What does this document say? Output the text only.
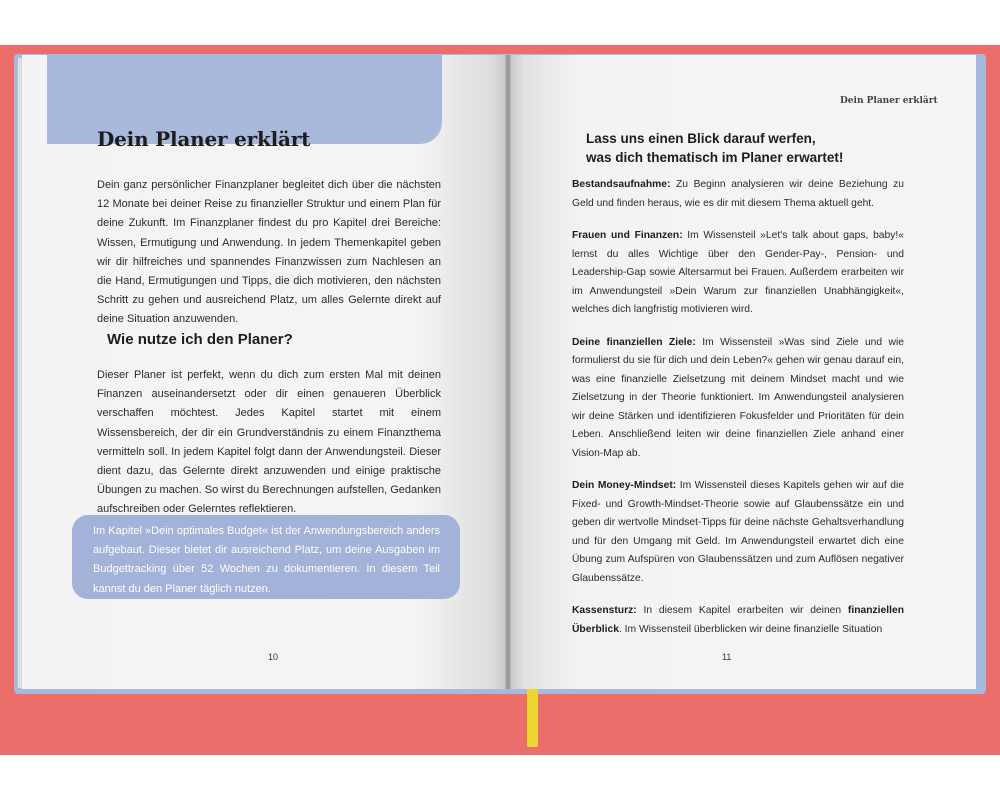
Dein Planer erklärt

Dein ganz persönlicher Finanzplaner begleitet dich über die nächsten 12 Monate bei deiner Reise zu finanzieller Struktur und einem Plan für deine Zukunft. Im Finanzplaner findest du pro Kapitel drei Bereiche: Wissen, Ermutigung und Anwendung. In jedem Themenkapitel geben wir dir hilfreiches und spannendes Finanzwissen zum Nachlesen an die Hand, Ermutigungen und Tipps, die dich motivieren, den nächsten Schritt zu gehen und ausreichend Platz, um alles Gelernte direkt auf deine Situation anzuwenden.

Wie nutze ich den Planer?

Dieser Planer ist perfekt, wenn du dich zum ersten Mal mit deinen Finanzen auseinandersetzt oder dir einen genaueren Überblick verschaffen möchtest. Jedes Kapitel startet mit einem Wissensbereich, der dir ein Grundverständnis zu einem Finanzthema vermitteln soll. In jedem Kapitel folgt dann der Anwendungsteil. Dieser dient dazu, das Gelernte direkt anzuwenden und einige praktische Übungen zu machen. So wirst du Berechnungen aufstellen, Gedanken aufschreiben oder Gelerntes reflektieren.

Im Kapitel »Dein optimales Budget« ist der Anwendungsbereich anders aufgebaut. Dieser bietet dir ausreichend Platz, um deine Ausgaben im Budgettracking über 52 Wochen zu dokumentieren. In diesem Teil kannst du den Planer täglich nutzen.

10
Dein Planer erklärt
Lass uns einen Blick darauf werfen,
was dich thematisch im Planer erwartet!

Bestandsaufnahme: Zu Beginn analysieren wir deine Beziehung zu Geld und finden heraus, wie es dir mit diesem Thema aktuell geht.

Frauen und Finanzen: Im Wissensteil »Let's talk about gaps, baby!« lernst du alles Wichtige über den Gender-Pay-, Pension- und Leadership-Gap sowie Altersarmut bei Frauen. Außerdem erarbeiten wir im Anwendungsteil »Dein Warum zur finanziellen Unabhängigkeit«, welches dich langfristig motivieren wird.

Deine finanziellen Ziele: Im Wissensteil »Was sind Ziele und wie formulierst du sie für dich und dein Leben?« gehen wir genau darauf ein, was eine finanzielle Zielsetzung mit deinem Mindset macht und wie Zielsetzung in der Theorie funktioniert. Im Anwendungsteil analysieren wir deine Stärken und identifizieren Fokusfelder und Prioritäten für dein Leben. Anschließend leiten wir deine finanziellen Ziele anhand einer Vision-Map ab.

Dein Money-Mindset: Im Wissensteil dieses Kapitels gehen wir auf die Fixed- und Growth-Mindset-Theorie sowie auf Glaubenssätze ein und geben dir wertvolle Mindset-Tipps für deine nächste Gehaltsverhandlung und für den Umgang mit Geld. Im Anwendungsteil erwartet dich eine Übung zum Aufspüren von Glaubenssätzen und zum Auflösen negativer Glaubenssätze.

Kassensturz: In diesem Kapitel erarbeiten wir deinen finanziellen Überblick. Im Wissensteil überblicken wir deine finanzielle Situation

11
